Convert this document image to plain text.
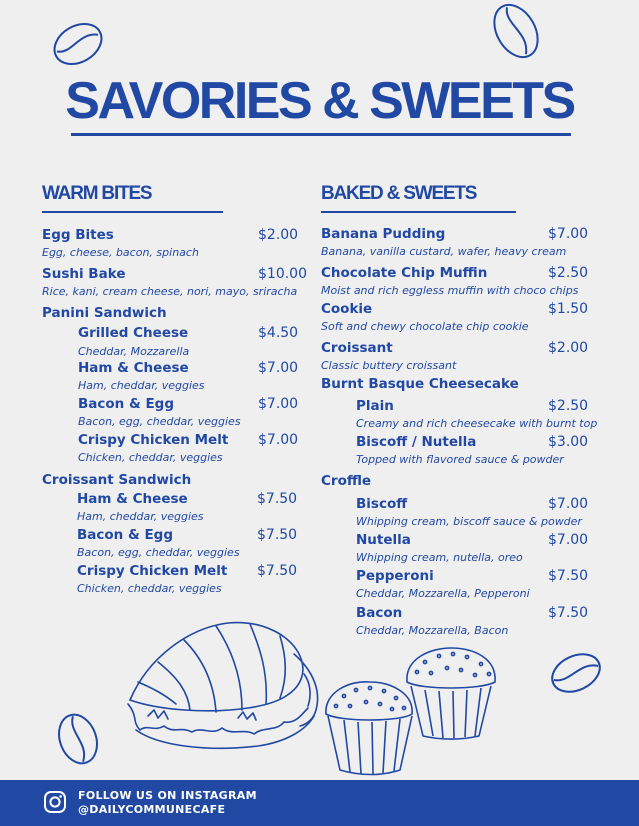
SAVORIES & SWEETS
WARM BITES
Egg Bites	$2.00
Egg, cheese, bacon, spinach
Sushi Bake	$10.00
Rice, kani, cream cheese, nori, mayo, sriracha
Panini Sandwich
Grilled Cheese	$4.50
Cheddar, Mozzarella
Ham & Cheese	$7.00
Ham, cheddar, veggies
Bacon & Egg	$7.00
Bacon, egg, cheddar, veggies
Crispy Chicken Melt $7.00
Chicken, cheddar, veggies
Croissant Sandwich
Ham & Cheese	$7.50
Ham, cheddar, veggies
Bacon & Egg	$7.50
Bacon, egg, cheddar, veggies
Crispy Chicken Melt $7.50
Chicken, cheddar, veggies
BAKED & SWEETS
Banana Pudding	$7.00
Banana, vanilla custard, wafer, heavy cream
Chocolate Chip Muffin	$2.50
Moist and rich eggless muffin with choco chips
Cookie	$1.50
Soft and chewy chocolate chip cookie
Croissant	$2.00
Classic buttery croissant
Burnt Basque Cheesecake
Plain	$2.50
Creamy and rich cheesecake with burnt top
Biscoff / Nutella	$3.00
Topped with flavored sauce & powder
Croffle
Biscoff	$7.00
Whipping cream, biscoff sauce & powder
Nutella	$7.00
Whipping cream, nutella, oreo
Pepperoni	$7.50
Cheddar, Mozzarella, Pepperoni
Bacon	$7.50
Cheddar, Mozzarella, Bacon
FOLLOW US ON INSTAGRAM
@DAILYCOMMUNECAFE
